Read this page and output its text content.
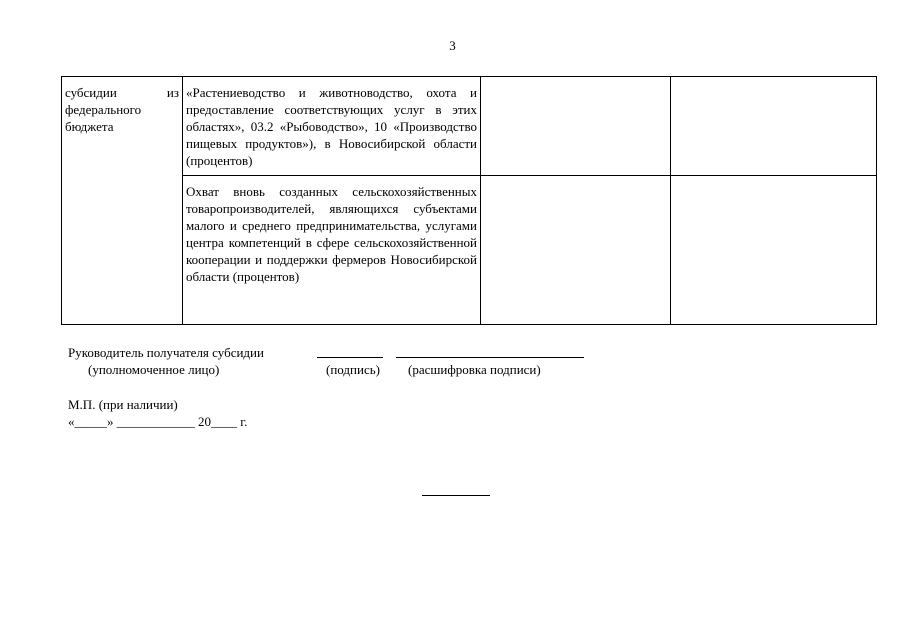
3
субсидии из федерального бюджета	«Растениеводство и животноводство, охота и предоставление соответствующих услуг в этих областях», 03.2 «Рыбоводство», 10 «Производство пищевых продуктов»), в Новосибирской области (процентов)		
	Охват вновь созданных сельскохозяйственных товаропроизводителей, являющихся субъектами малого и среднего предпринимательства, услугами центра компетенций в сфере сельскохозяйственной кооперации и поддержки фермеров Новосибирской области (процентов)		
Руководитель получателя субсидии
(уполномоченное лицо)	(подпись) (расшифровка подписи)
М.П. (при наличии)
«_____» ____________ 20____ г.
